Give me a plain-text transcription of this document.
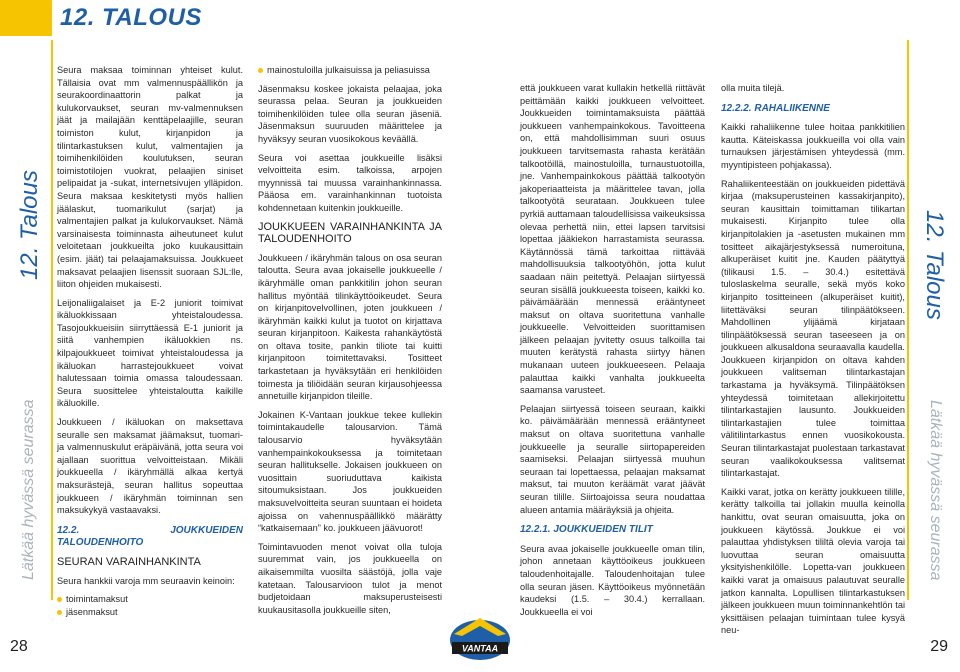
12. TALOUS
12. Talous
Lätkää hyvässä seurassa
12. Talous
Lätkää hyvässä seurassa

Seura maksaa toiminnan yhteiset kulut. Tällaisia ovat mm valmennuspäällikön ja seurakoordinaattorin palkat ja kulukorvaukset, seuran mv-valmennuksen jäät ja mailajään kenttäpelaajille, seuran toimiston kulut, kirjanpidon ja tilintarkastuksen kulut, valmentajien ja toimihenkilöiden koulutuksen, seuran toimistotilojen vuokrat, pelaajien siniset pelipaidat ja -sukat, internetsivujen ylläpidon. Seura maksaa keskitetysti myös hallien jäälaskut, tuomarikulut (sarjat) ja valmentajien palkat ja kulukorvaukset. Nämä varsinaisesta toiminnasta aiheutuneet kulut veloitetaan joukkueilta joko kuukausittain (esim. jäät) tai pelaajamaksuissa. Joukkueet maksavat pelaajien lisenssit suoraan SJL:lle, liiton ohjeiden mukaisesti.

Leijonaliigalaiset ja E-2 juniorit toimivat ikäluokkissaan yhteistaloudessa. Tasojoukkueisiin siirryttäessä E-1 juniorit ja siitä vanhempien ikäluokkien ns. kilpajoukkueet toimivat yhteistaloudessa ja ikäluokan harrastejoukkueet voivat halutessaan toimia omassa taloudessaan. Seura suosittelee yhteistaloutta kaikille ikäluokille.

Joukkueen / ikäluokan on maksettava seuralle sen maksamat jäämaksut, tuomari- ja valmennuskulut eräpäivänä, jotta seura voi ajallaan suorittua velvoitteistaan. Mikäli joukkueella / ikäryhmällä alkaa kertyä maksurästejä, seuran hallitus sopeuttaa joukkueen / ikäryhmän toiminnan sen maksukykyä vastaavaksi.

12.2. JOUKKUEIDEN TALOUDENHOITO
SEURAN VARAINHANKINTA

Seura hankkii varoja mm seuraavin keinoin:

toimintamaksut
jäsenmaksut
mainostuloilla julkaisuissa ja peliasuissa

Jäsenmaksu koskee jokaista pelaajaa, joka seurassa pelaa. Seuran ja joukkueiden toimihenkilöiden tulee olla seuran jäseniä. Jäsenmaksun suuruuden määrittelee ja hyväksyy seuran vuosikokous keväällä.

Seura voi asettaa joukkueille lisäksi velvoitteita esim. talkoissa, arpojen myynnissä tai muussa varainhankinnassa. Pääosa em. varainhankinnan tuotoista kohdennetaan kuitenkin joukkueille.

JOUKKUEEN VARAINHANKINTA JA TALOUDENHOITO

Joukkueen / ikäryhmän talous on osa seuran taloutta. Seura avaa jokaiselle joukkueelle / ikäryhmälle oman pankkitilin johon seuran hallitus myöntää tilinkäyttöoikeudet. Seura on kirjanpitovelvollinen, joten joukkueen / ikäryhmän kaikki kulut ja tuotot on kirjattava seuran kirjanpitoon. Kaikesta rahankäytöstä on oltava tosite, pankin tiliote tai kuitti kirjanpitoon toimitettavaksi. Tositteet tarkastetaan ja hyväksytään eri henkilöiden toimesta ja tiliöidään seuran kirjausohjeessa annetuille kirjanpidon tileille.

Jokainen K-Vantaan joukkue tekee kullekin toimintakaudelle talousarvion. Tämä talousarvio hyväksytään vanhempainkokouksessa ja toimitetaan seuran hallitukselle. Jokaisen joukkueen on vuosittain suoriuduttava kaikista sitoumuksistaan. Jos joukkueiden maksuvelvoitteita seuran suuntaan ei hoideta ajoissa on vahennuspäällikkö määrätty “katkaisemaan” ko. joukkueen jäävuorot!

Toimintavuoden menot voivat olla tuloja suuremmat vain, jos joukkueella on aikaisemmilta vuosilta säästöjä, jolla vaje katetaan. Talousarvioon tulot ja menot budjetoidaan maksuperusteisesti kuukausitasolla joukkueille siten,

että joukkueen varat kullakin hetkellä riittävät peittämään kaikki joukkueen velvoitteet. Joukkueiden toimintamaksuista päättää joukkueen vanhempainkokous. Tavoitteena on, että mahdollisimman suuri osuus joukkueen tarvitsemasta rahasta kerätään talkootöillä, mainostuloilla, turnaustuotoilla, jne. Vanhempainkokous päättää talkootyön jakoperiaatteista ja määrittelee tavan, jolla talkootyötä seurataan. Joukkueen tulee pyrkiä auttamaan taloudellisissa vaikeuksissa olevaa perhettä niin, ettei lapsen tarvitsisi lopettaa jääkiekon harrastamista seurassa. Käytännössä tämä tarkoittaa riittävää mahdollisuuksia talkootyöhön, jotta kulut saadaan näin peitettyä. Pelaajan siirtyessä seuran sisällä joukkueesta toiseen, kaikki ko. päivämäärään mennessä erääntyneet maksut on oltava suoritettuna vanhalle joukkueelle. Velvoitteiden suorittamisen jälkeen pelaajan jyvitetty osuus talkoilla tai muuten kerätystä rahasta siirtyy hänen mukanaan uuteen joukkueeseen. Pelaaja palauttaa kaikki vanhalta joukkueelta saamansa varusteet.

Pelaajan siirtyessä toiseen seuraan, kaikki ko. päivämäärään mennessä erääntyneet maksut on oltava suoritettuna vanhalle joukkueelle ja seuralle siirtopapereiden saamiseksi. Pelaajan siirtyessä muuhun seuraan tai lopettaessa, pelaajan maksamat maksut, tai muuton keräämät varat jäävät seuran tilille. Siirtoajoissa seura noudattaa alueen antamia määräyksiä ja ohjeita.

12.2.1. JOUKKUEIDEN TILIT

Seura avaa jokaiselle joukkueelle oman tilin, johon annetaan käyttöoikeus joukkueen taloudenhoitajalle. Taloudenhoitajan tulee olla seuran jäsen. Käyttöoikeus myönnetään kaudeksi (1.5. – 30.4.) kerrallaan. Joukkueella ei voi

olla muita tilejä.

12.2.2. RAHALIIKENNE

Kaikki rahaliikenne tulee hoitaa pankkitilien kautta. Käteiskassa joukkueilla voi olla vain turnauksen järjestämisen yhteydessä (mm. myyntipisteen pohjakassa).

Rahaliikenteestään on joukkueiden pidettävä kirjaa (maksuperusteinen kassakirjanpito), seuran kausittain toimittaman tilikartan mukaisesti. Kirjanpito tulee olla kirjanpitolakien ja -asetusten mukainen mm tositteet aikajärjestyksessä numeroituna, alkuperäiset kuitit jne. Kauden päätyttyä (tilikausi 1.5. – 30.4.) esitettävä tuloslaskelma seuralle, sekä myös koko kirjanpito tositteineen (alkuperäiset kuitit), liitettäväksi seuran tilinpäätökseen. Mahdollinen ylijäämä kirjataan tilinpäätöksessä seuran taseeseen ja on joukkueen alkusaldona seuraavalla kaudella. Joukkueen kirjanpidon on oltava kahden joukkueen valitseman tilintarkastajan tarkastama ja hyväksymä. Tilinpäätöksen yhteydessä toimitetaan allekirjoitettu tilintarkastajien lausunto. Joukkueiden tilintarkastajien tulee toimittaa välitilintarkastus ennen vuosikokousta. Seuran tilintarkastajat puolestaan tarkastavat seuran vaalikokouksessa valitsemat tilintarkastajat.

Kaikki varat, jotka on kerätty joukkueen tilille, kerätty talkoilla tai jollakin muulla keinolla hankittu, ovat seuran omaisuutta, joka on joukkueen käytössä. Joukkue ei voi palauttaa yhdistyksen tililtä olevia varoja tai luovuttaa seuran omaisuutta yksityishenkilölle. Lopetta-van joukkueen kaikki varat ja omaisuus palautuvat seuralle jatkon kannalta. Lopullisen tilintarkastuksen jälkeen joukkueen muun toiminnankehtlön tai yksittäisen pelaajan tuimintaan tulee kysyä neu-

VANTAA
28	29
